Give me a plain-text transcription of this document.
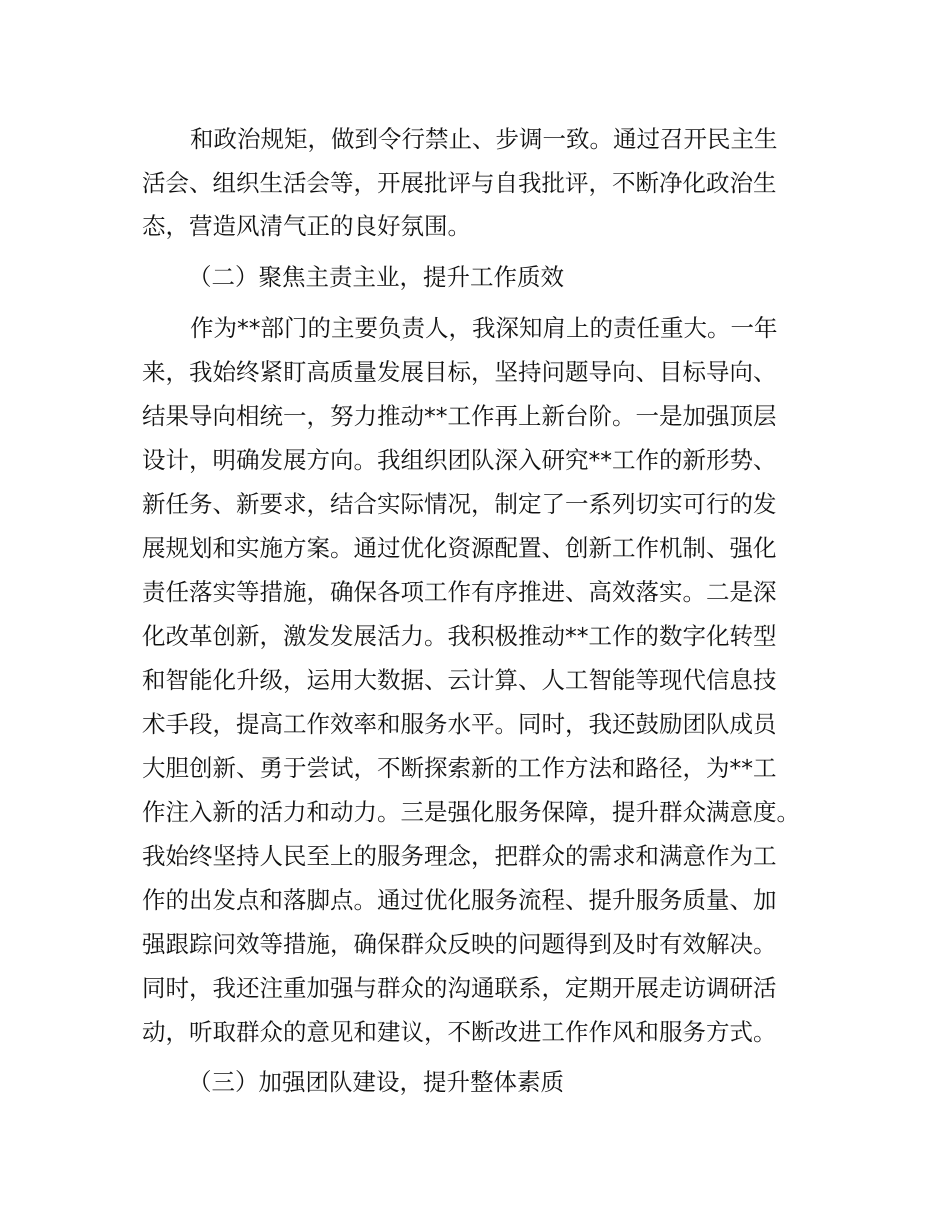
和政治规矩，做到令行禁止、步调一致。通过召开民主生
活会、组织生活会等，开展批评与自我批评，不断净化政治生
态，营造风清气正的良好氛围。
（二）聚焦主责主业，提升工作质效
作为**部门的主要负责人，我深知肩上的责任重大。一年
来，我始终紧盯高质量发展目标，坚持问题导向、目标导向、
结果导向相统一，努力推动**工作再上新台阶。一是加强顶层
设计，明确发展方向。我组织团队深入研究**工作的新形势、
新任务、新要求，结合实际情况，制定了一系列切实可行的发
展规划和实施方案。通过优化资源配置、创新工作机制、强化
责任落实等措施，确保各项工作有序推进、高效落实。二是深
化改革创新，激发发展活力。我积极推动**工作的数字化转型
和智能化升级，运用大数据、云计算、人工智能等现代信息技
术手段，提高工作效率和服务水平。同时，我还鼓励团队成员
大胆创新、勇于尝试，不断探索新的工作方法和路径，为**工
作注入新的活力和动力。三是强化服务保障，提升群众满意度。
我始终坚持人民至上的服务理念，把群众的需求和满意作为工
作的出发点和落脚点。通过优化服务流程、提升服务质量、加
强跟踪问效等措施，确保群众反映的问题得到及时有效解决。
同时，我还注重加强与群众的沟通联系，定期开展走访调研活
动，听取群众的意见和建议，不断改进工作作风和服务方式。
（三）加强团队建设，提升整体素质
